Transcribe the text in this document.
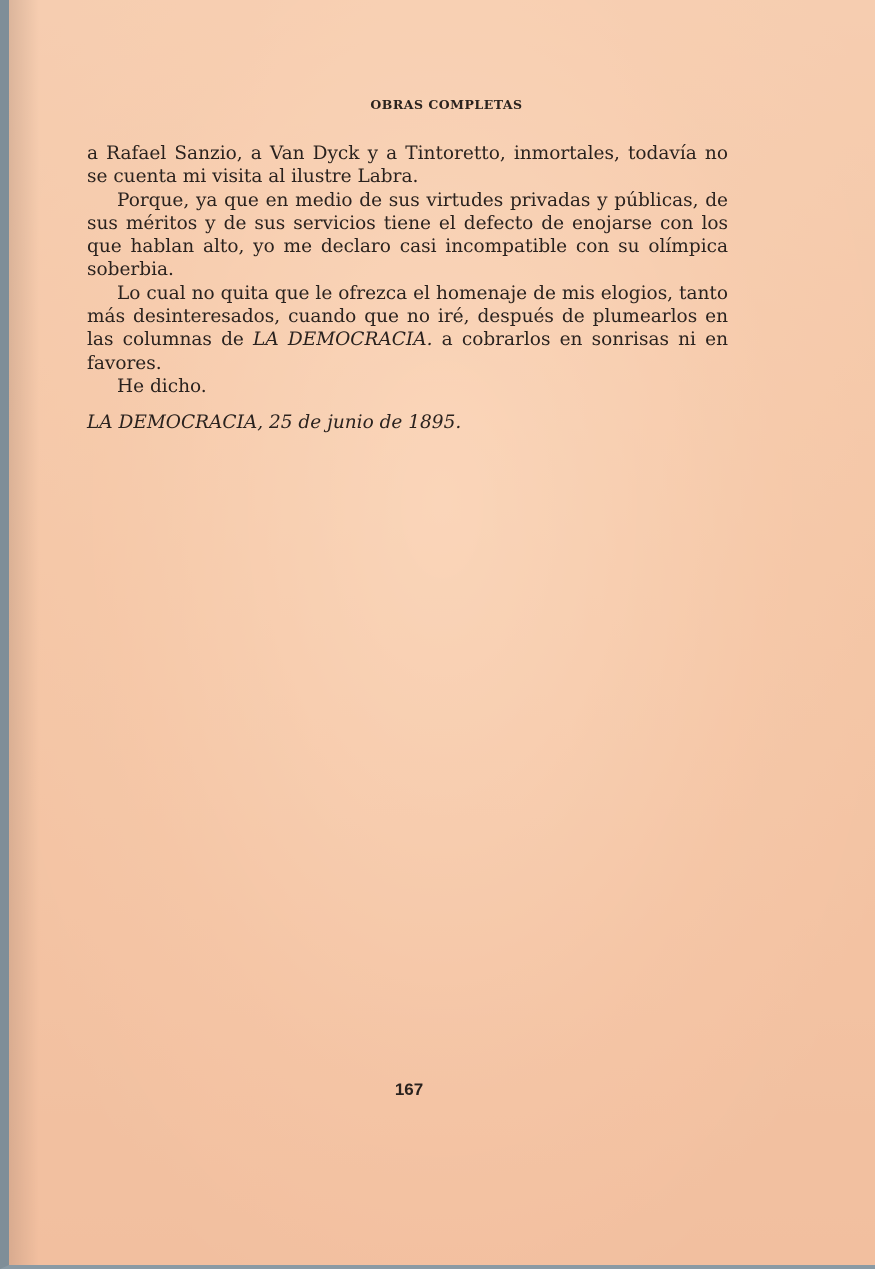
OBRAS COMPLETAS

a Rafael Sanzio, a Van Dyck y a Tintoretto, inmortales, todavía no se cuenta mi visita al ilustre Labra.

Porque, ya que en medio de sus virtudes privadas y públicas, de sus méritos y de sus servicios tiene el defecto de enojarse con los que hablan alto, yo me declaro casi incompatible con su olímpica soberbia.

Lo cual no quita que le ofrezca el homenaje de mis elogios, tanto más desinteresados, cuando que no iré, después de plumearlos en las columnas de LA DEMOCRACIA. a cobrarlos en sonrisas ni en favores.

He dicho.

LA DEMOCRACIA, 25 de junio de 1895.
167
